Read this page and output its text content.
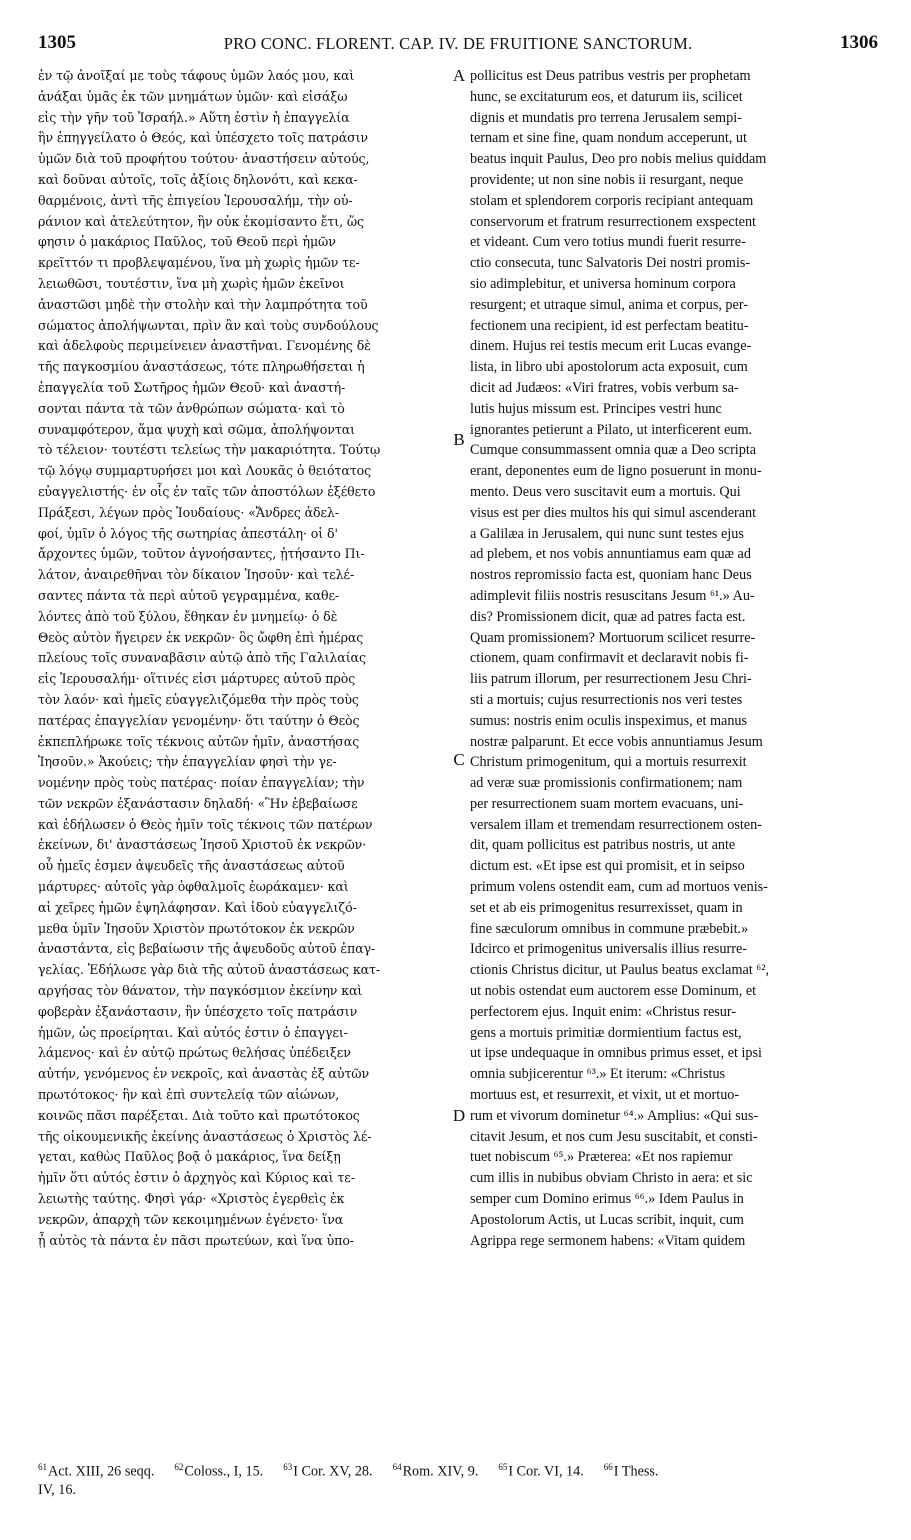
1305	PRO CONC. FLORENT. CAP. IV. DE FRUITIONE SANCTORUM.	1306
ἐν τῷ ἀνοῖξαί με τοὺς τάφους ὑμῶν λαός μου, καὶ
ἀνάξαι ὑμᾶς ἐκ τῶν μνημάτων ὑμῶν· καὶ εἰσάξω
εἰς τὴν γῆν τοῦ Ἰσραήλ.» Αὕτη ἐστὶν ἡ ἐπαγγελία
ἣν ἐπηγγείλατο ὁ Θεός, καὶ ὑπέσχετο τοῖς πατράσιν
ὑμῶν διὰ τοῦ προφήτου τούτου· ἀναστήσειν αὐτούς,
καὶ δοῦναι αὐτοῖς, τοῖς ἀξίοις δηλονότι, καὶ κεκα-
θαρμένοις, ἀντὶ τῆς ἐπιγείου Ἱερουσαλήμ, τὴν οὐ-
ράνιον καὶ ἀτελεύτητον, ἣν οὐκ ἐκομίσαντο ἔτι, ὥς
φησιν ὁ μακάριος Παῦλος, τοῦ Θεοῦ περὶ ἡμῶν
κρεῖττόν τι προβλεψαμένου, ἵνα μὴ χωρὶς ἡμῶν τε-
λειωθῶσι, τουτέστιν, ἵνα μὴ χωρὶς ἡμῶν ἐκεῖνοι
ἀναστῶσι μηδὲ τὴν στολὴν καὶ τὴν λαμπρότητα τοῦ
σώματος ἀπολήψωνται, πρὶν ἂν καὶ τοὺς συνδούλους
καὶ ἀδελφοὺς περιμείνειεν ἀναστῆναι. Γενομένης δὲ
τῆς παγκοσμίου ἀναστάσεως, τότε πληρωθήσεται ἡ
ἐπαγγελία τοῦ Σωτῆρος ἡμῶν Θεοῦ· καὶ ἀναστή-
σονται πάντα τὰ τῶν ἀνθρώπων σώματα· καὶ τὸ
συναμφότερον, ἅμα ψυχὴ καὶ σῶμα, ἀπολήψονται
τὸ τέλειον· τουτέστι τελείως τὴν μακαριότητα. Τούτῳ
τῷ λόγῳ συμμαρτυρήσει μοι καὶ Λουκᾶς ὁ θειότατος
εὐαγγελιστής· ἐν οἷς ἐν ταῖς τῶν ἀποστόλων ἐξέθετο
Πράξεσι, λέγων πρὸς Ἰουδαίους· «Ἄνδρες ἀδελ-
φοί, ὑμῖν ὁ λόγος τῆς σωτηρίας ἀπεστάλη· οἱ δ'
ἄρχοντες ὑμῶν, τοῦτον ἀγνοήσαντες, ᾐτήσαντο Πι-
λάτον, ἀναιρεθῆναι τὸν δίκαιον Ἰησοῦν· καὶ τελέ-
σαντες πάντα τὰ περὶ αὐτοῦ γεγραμμένα, καθε-
λόντες ἀπὸ τοῦ ξύλου, ἔθηκαν ἐν μνημείῳ· ὁ δὲ
Θεὸς αὐτὸν ἤγειρεν ἐκ νεκρῶν· ὃς ὤφθη ἐπὶ ἡμέρας
πλείους τοῖς συναναβᾶσιν αὐτῷ ἀπὸ τῆς Γαλιλαίας
εἰς Ἱερουσαλήμ· οἵτινές εἰσι μάρτυρες αὐτοῦ πρὸς
τὸν λαόν· καὶ ἡμεῖς εὐαγγελιζόμεθα τὴν πρὸς τοὺς
πατέρας ἐπαγγελίαν γενομένην· ὅτι ταύτην ὁ Θεὸς
ἐκπεπλήρωκε τοῖς τέκνοις αὐτῶν ἡμῖν, ἀναστήσας
Ἰησοῦν.» Ἀκούεις; τὴν ἐπαγγελίαν φησὶ τὴν γε-
νομένην πρὸς τοὺς πατέρας· ποίαν ἐπαγγελίαν; τὴν
τῶν νεκρῶν ἐξανάστασιν δηλαδή· «Ἣν ἐβεβαίωσε
καὶ ἐδήλωσεν ὁ Θεὸς ἡμῖν τοῖς τέκνοις τῶν πατέρων
ἐκείνων, δι' ἀναστάσεως Ἰησοῦ Χριστοῦ ἐκ νεκρῶν·
οὗ ἡμεῖς ἐσμεν ἀψευδεῖς τῆς ἀναστάσεως αὐτοῦ
μάρτυρες· αὐτοῖς γὰρ ὀφθαλμοῖς ἑωράκαμεν· καὶ
αἱ χεῖρες ἡμῶν ἐψηλάφησαν. Καὶ ἰδοὺ εὐαγγελιζό-
μεθα ὑμῖν Ἰησοῦν Χριστὸν πρωτότοκον ἐκ νεκρῶν
ἀναστάντα, εἰς βεβαίωσιν τῆς ἀψευδοῦς αὐτοῦ ἐπαγ-
γελίας. Ἐδήλωσε γὰρ διὰ τῆς αὐτοῦ ἀναστάσεως κατ-
αργήσας τὸν θάνατον, τὴν παγκόσμιον ἐκείνην καὶ
φοβερὰν ἐξανάστασιν, ἣν ὑπέσχετο τοῖς πατράσιν
ἡμῶν, ὡς προείρηται. Καὶ αὐτός ἐστιν ὁ ἐπαγγει-
λάμενος· καὶ ἐν αὐτῷ πρώτως θελήσας ὑπέδειξεν
αὐτήν, γενόμενος ἐν νεκροῖς, καὶ ἀναστὰς ἐξ αὐτῶν
πρωτότοκος· ἣν καὶ ἐπὶ συντελείᾳ τῶν αἰώνων,
κοινῶς πᾶσι παρέξεται. Διὰ τοῦτο καὶ πρωτότοκος
τῆς οἰκουμενικῆς ἐκείνης ἀναστάσεως ὁ Χριστὸς λέ-
γεται, καθὼς Παῦλος βοᾷ ὁ μακάριος, ἵνα δείξῃ
ἡμῖν ὅτι αὐτός ἐστιν ὁ ἀρχηγὸς καὶ Κύριος καὶ τε-
λειωτὴς ταύτης. Φησὶ γάρ· «Χριστὸς ἐγερθεὶς ἐκ
νεκρῶν, ἀπαρχὴ τῶν κεκοιμημένων ἐγένετο· ἵνα
ᾖ αὐτὸς τὰ πάντα ἐν πᾶσι πρωτεύων, καὶ ἵνα ὑπο-
pollicitus est Deus patribus vestris per prophetam
hunc, se excitaturum eos, et daturum iis, scilicet
dignis et mundatis pro terrena Jerusalem sempi-
ternam et sine fine, quam nondum acceperunt, ut
beatus inquit Paulus, Deo pro nobis melius quiddam
providente; ut non sine nobis ii resurgant, neque
stolam et splendorem corporis recipiant antequam
conservorum et fratrum resurrectionem exspectent
et videant. Cum vero totius mundi fuerit resurre-
ctio consecuta, tunc Salvatoris Dei nostri promis-
sio adimplebitur, et universa hominum corpora
resurgent; et utraque simul, anima et corpus, per-
fectionem una recipient, id est perfectam beatitu-
dinem. Hujus rei testis mecum erit Lucas evange-
lista, in libro ubi apostolorum acta exposuit, cum
dicit ad Judæos: «Viri fratres, vobis verbum sa-
lutis hujus missum est. Principes vestri hunc
ignorantes petierunt a Pilato, ut interficerent eum.
Cumque consummassent omnia quæ a Deo scripta
erant, deponentes eum de ligno posuerunt in monu-
mento. Deus vero suscitavit eum a mortuis. Qui
visus est per dies multos his qui simul ascenderant
a Galilæa in Jerusalem, qui nunc sunt testes ejus
ad plebem, et nos vobis annuntiamus eam quæ ad
nostros repromissio facta est, quoniam hanc Deus
adimplevit filiis nostris resuscitans Jesum ⁶¹.» Au-
dis? Promissionem dicit, quæ ad patres facta est.
Quam promissionem? Mortuorum scilicet resurre-
ctionem, quam confirmavit et declaravit nobis fi-
liis patrum illorum, per resurrectionem Jesu Chri-
sti a mortuis; cujus resurrectionis nos veri testes
sumus: nostris enim oculis inspeximus, et manus
nostræ palparunt. Et ecce vobis annuntiamus Jesum
Christum primogenitum, qui a mortuis resurrexit
ad veræ suæ promissionis confirmationem; nam
per resurrectionem suam mortem evacuans, uni-
versalem illam et tremendam resurrectionem osten-
dit, quam pollicitus est patribus nostris, ut ante
dictum est. «Et ipse est qui promisit, et in seipso
primum volens ostendit eam, cum ad mortuos venis-
set et ab eis primogenitus resurrexisset, quam in
fine sæculorum omnibus in commune præbebit.»
Idcirco et primogenitus universalis illius resurre-
ctionis Christus dicitur, ut Paulus beatus exclamat ⁶²,
ut nobis ostendat eum auctorem esse Dominum, et
perfectorem ejus. Inquit enim: «Christus resur-
gens a mortuis primitiæ dormientium factus est,
ut ipse undequaque in omnibus primus esset, et ipsi
omnia subjicerentur ⁶³.» Et iterum: «Christus
mortuus est, et resurrexit, et vixit, ut et mortuo-
rum et vivorum dominetur ⁶⁴.» Amplius: «Qui sus-
citavit Jesum, et nos cum Jesu suscitabit, et consti-
tuet nobiscum ⁶⁵.» Præterea: «Et nos rapiemur
cum illis in nubibus obviam Christo in aera: et sic
semper cum Domino erimus ⁶⁶.» Idem Paulus in
Apostolorum Actis, ut Lucas scribit, inquit, cum
Agrippa rege sermonem habens: «Vitam quidem
A
B
C
D
$^{61}$Act. XIII, 26 seqq. $^{62}$Coloss., I, 15. $^{63}$I Cor. XV, 28. $^{64}$Rom. XIV, 9. $^{65}$I Cor. VI, 14. $^{66}$I Thess.
IV, 16.
